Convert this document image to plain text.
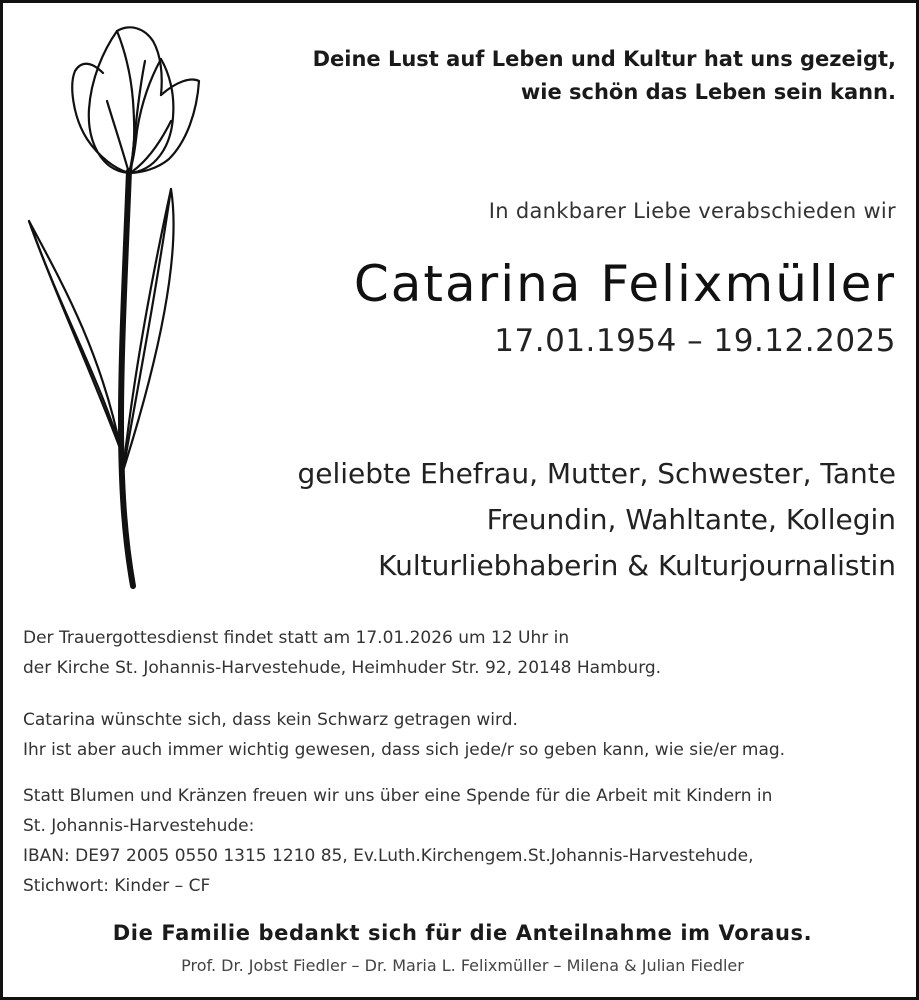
Deine Lust auf Leben und Kultur hat uns gezeigt,
wie schön das Leben sein kann.
In dankbarer Liebe verabschieden wir
Catarina Felixmüller
17.01.1954 – 19.12.2025
geliebte Ehefrau, Mutter, Schwester, Tante
Freundin, Wahltante, Kollegin
Kulturliebhaberin & Kulturjournalistin
Der Trauergottesdienst findet statt am 17.01.2026 um 12 Uhr in
der Kirche St. Johannis-Harvestehude, Heimhuder Str. 92, 20148 Hamburg.
Catarina wünschte sich, dass kein Schwarz getragen wird.
Ihr ist aber auch immer wichtig gewesen, dass sich jede/r so geben kann, wie sie/er mag.
Statt Blumen und Kränzen freuen wir uns über eine Spende für die Arbeit mit Kindern in
St. Johannis-Harvestehude:
IBAN: DE97 2005 0550 1315 1210 85, Ev.Luth.Kirchengem.St.Johannis-Harvestehude,
Stichwort: Kinder – CF
Die Familie bedankt sich für die Anteilnahme im Voraus.
Prof. Dr. Jobst Fiedler – Dr. Maria L. Felixmüller – Milena & Julian Fiedler
